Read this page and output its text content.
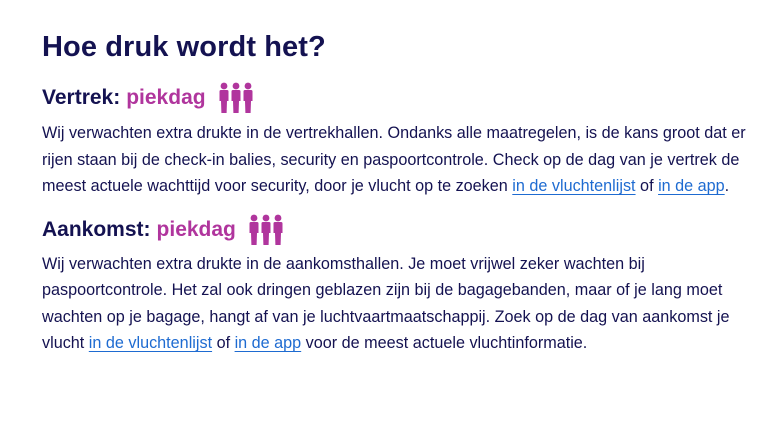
Hoe druk wordt het?
Vertrek: piekdag

Wij verwachten extra drukte in de vertrekhallen. Ondanks alle maatregelen, is de kans groot dat er rijen staan bij de check-in balies, security en paspoortcontrole. Check op de dag van je vertrek de meest actuele wachttijd voor security, door je vlucht op te zoeken in de vluchtenlijst of in de app.

Aankomst: piekdag

Wij verwachten extra drukte in de aankomsthallen. Je moet vrijwel zeker wachten bij paspoortcontrole. Het zal ook dringen geblazen zijn bij de bagagebanden, maar of je lang moet wachten op je bagage, hangt af van je luchtvaartmaatschappij. Zoek op de dag van aankomst je vlucht in de vluchtenlijst of in de app voor de meest actuele vluchtinformatie.
